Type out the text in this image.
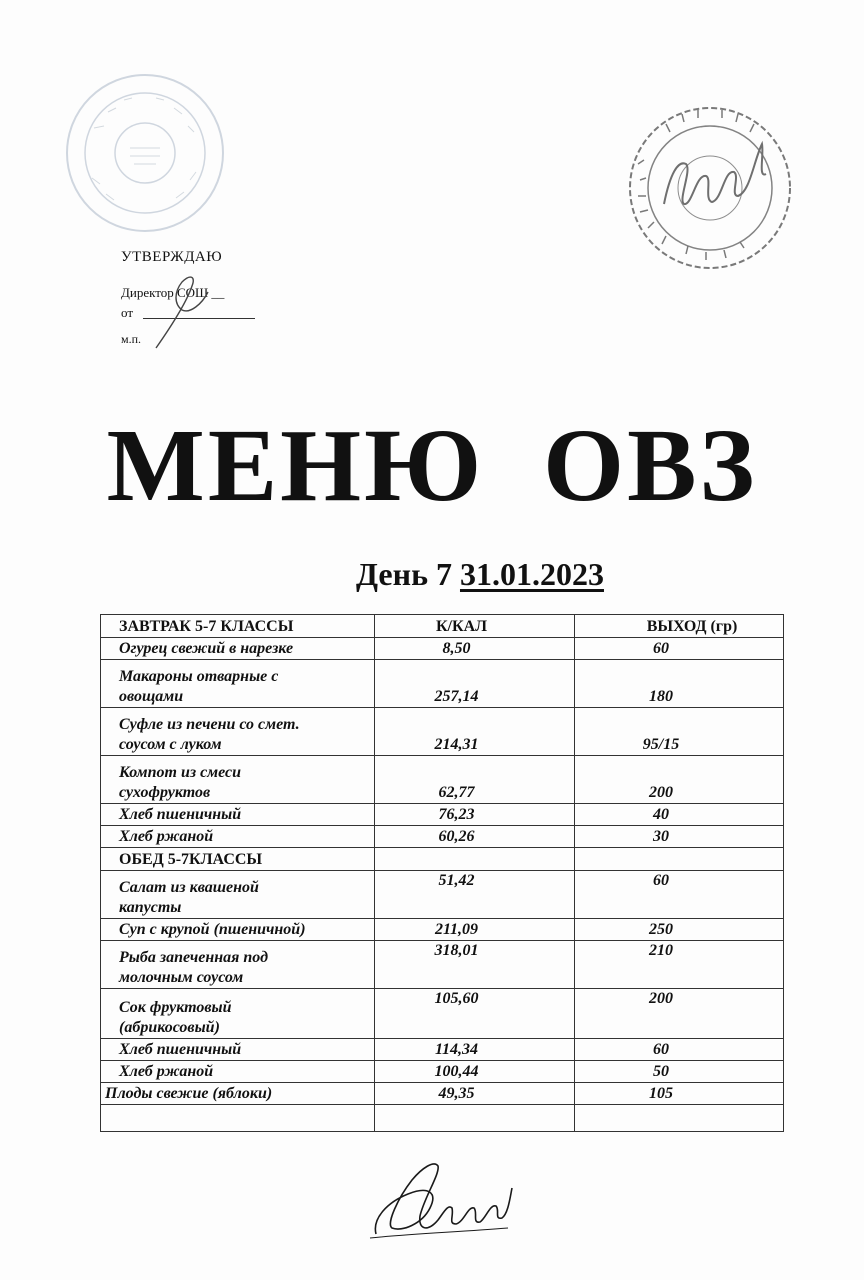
УТВЕРЖДАЮ
Директор СОШ __
от
м.п.
МЕНЮ ОВЗ
День 7 31.01.2023
ЗАВТРАК 5-7 КЛАССЫ	К/КАЛ	ВЫХОД (гр)
Огурец свежий в нарезке	8,50	60
Макароны отварные с
овощами	257,14	180
Суфле из печени со смет.
соусом с луком	214,31	95/15
Компот из смеси
сухофруктов	62,77	200
Хлеб пшеничный	76,23	40
Хлеб ржаной	60,26	30
ОБЕД 5-7КЛАССЫ		
Салат из квашеной
капусты	51,42	60
Суп с крупой (пшеничной)	211,09	250
Рыба запеченная под
молочным соусом	318,01	210
Сок фруктовый
(абрикосовый)	105,60	200
Хлеб пшеничный	114,34	60
Хлеб ржаной	100,44	50
Плоды свежие (яблоки)	49,35	105
